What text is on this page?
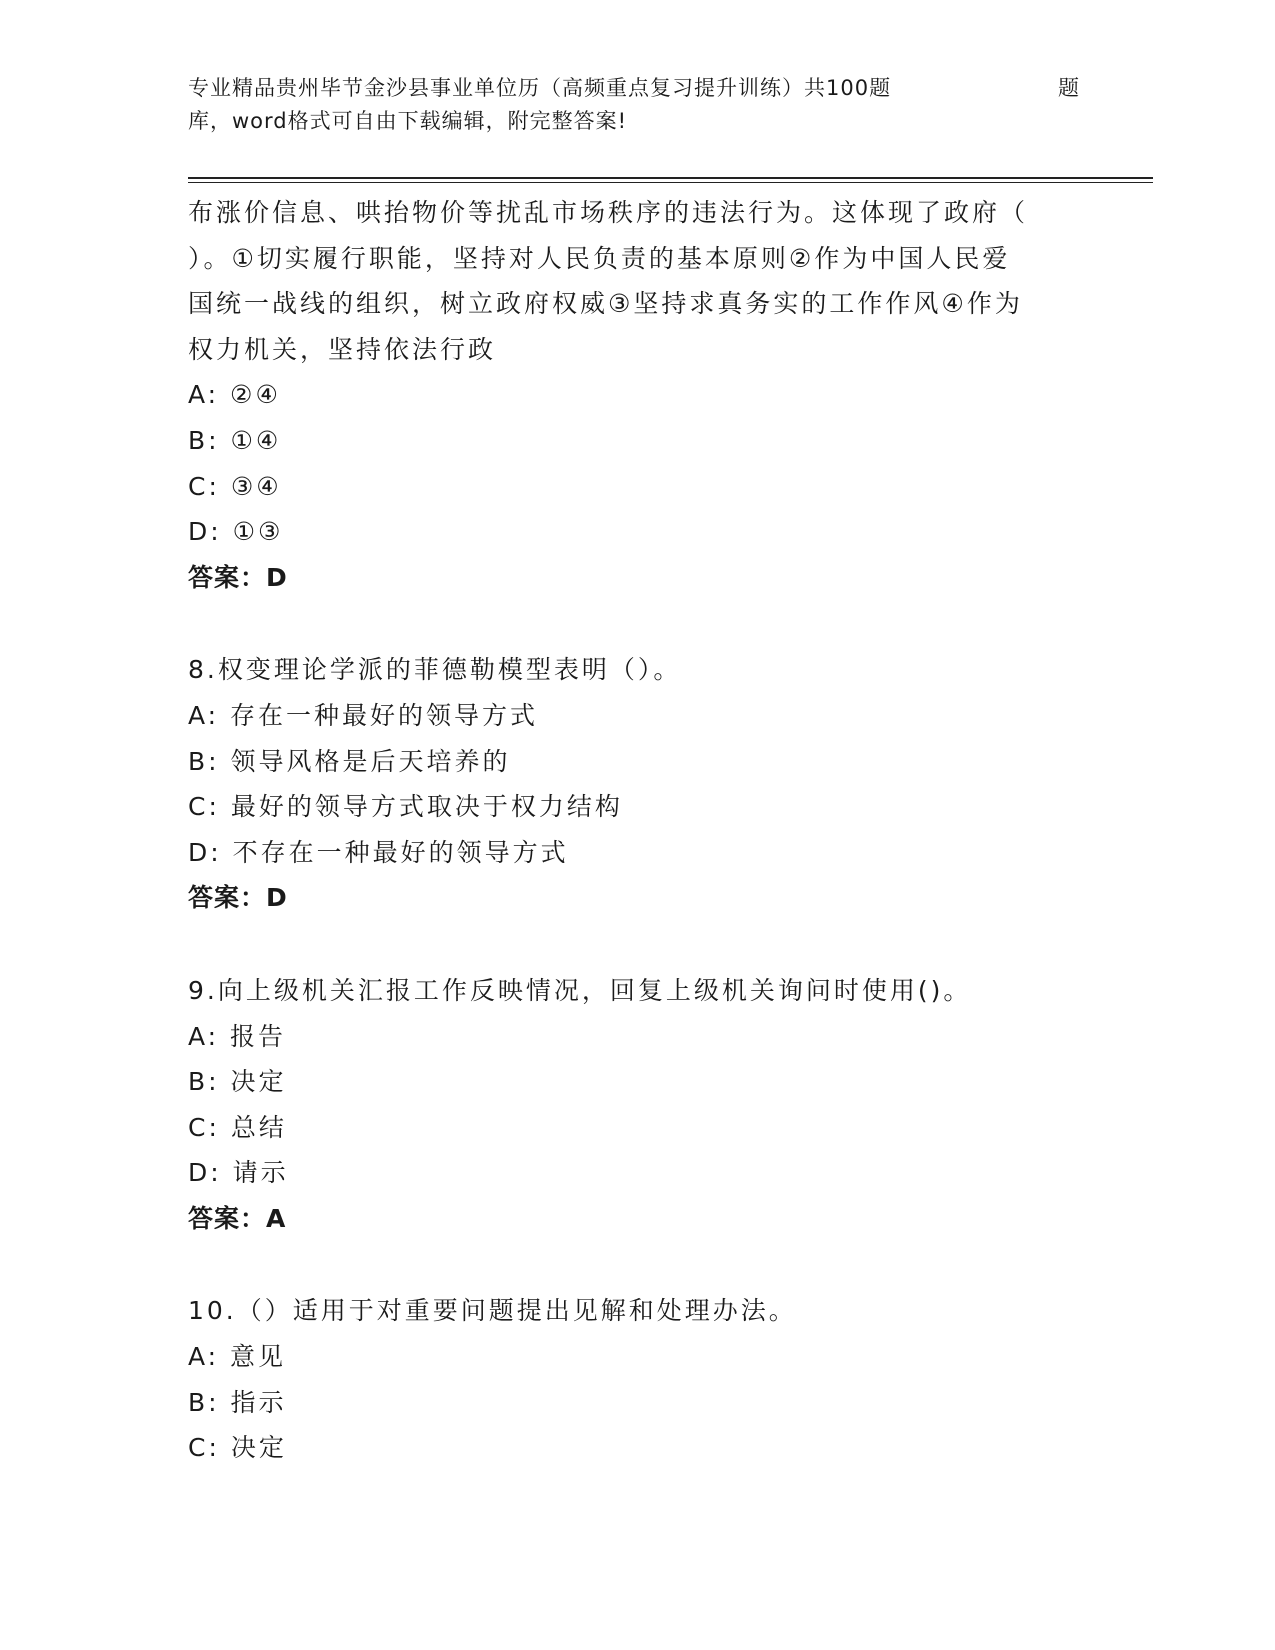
专业精品贵州毕节金沙县事业单位历（高频重点复习提升训练）共100题	题
库，word格式可自由下载编辑，附完整答案!
布涨价信息、哄抬物价等扰乱市场秩序的违法行为。这体现了政府（
）。①切实履行职能，坚持对人民负责的基本原则②作为中国人民爱
国统一战线的组织，树立政府权威③坚持求真务实的工作作风④作为
权力机关，坚持依法行政
A: ②④
B: ①④
C: ③④
D: ①③
答案：D
8.权变理论学派的菲德勒模型表明（）。
A: 存在一种最好的领导方式
B: 领导风格是后天培养的
C: 最好的领导方式取决于权力结构
D: 不存在一种最好的领导方式
答案：D
9.向上级机关汇报工作反映情况，回复上级机关询问时使用()。
A: 报告
B: 决定
C: 总结
D: 请示
答案：A
10.（）适用于对重要问题提出见解和处理办法。
A: 意见
B: 指示
C: 决定
